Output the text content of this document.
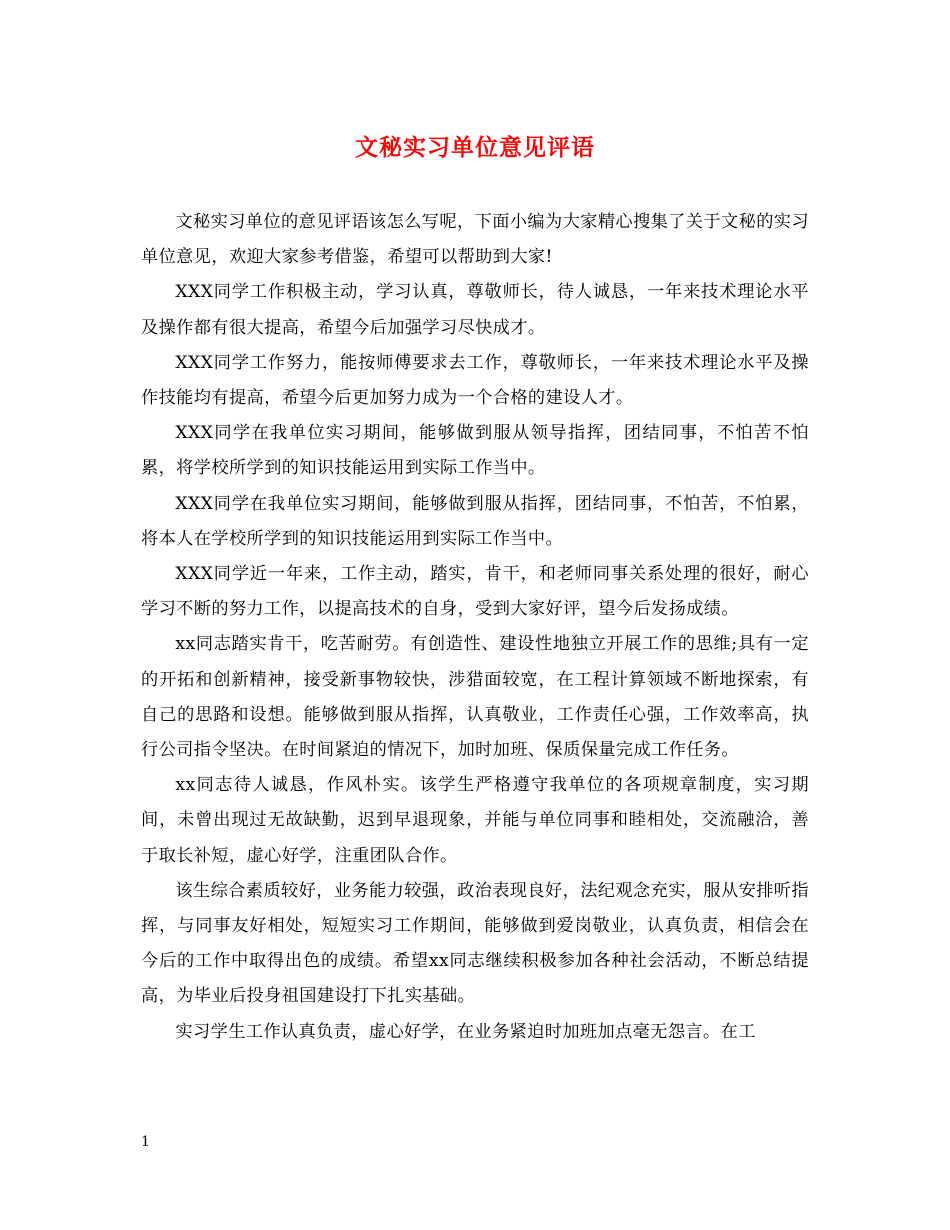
文秘实习单位意见评语

文秘实习单位的意见评语该怎么写呢，下面小编为大家精心搜集了关于文秘的实习单位意见，欢迎大家参考借鉴，希望可以帮助到大家!

XXX同学工作积极主动，学习认真，尊敬师长，待人诚恳，一年来技术理论水平及操作都有很大提高，希望今后加强学习尽快成才。

XXX同学工作努力，能按师傅要求去工作，尊敬师长，一年来技术理论水平及操作技能均有提高，希望今后更加努力成为一个合格的建设人才。

XXX同学在我单位实习期间，能够做到服从领导指挥，团结同事，不怕苦不怕累，将学校所学到的知识技能运用到实际工作当中。

XXX同学在我单位实习期间，能够做到服从指挥，团结同事，不怕苦，不怕累，将本人在学校所学到的知识技能运用到实际工作当中。

XXX同学近一年来，工作主动，踏实，肯干，和老师同事关系处理的很好，耐心学习不断的努力工作，以提高技术的自身，受到大家好评，望今后发扬成绩。

xx同志踏实肯干，吃苦耐劳。有创造性、建设性地独立开展工作的思维;具有一定的开拓和创新精神，接受新事物较快，涉猎面较宽，在工程计算领域不断地探索，有自己的思路和设想。能够做到服从指挥，认真敬业，工作责任心强，工作效率高，执行公司指令坚决。在时间紧迫的情况下，加时加班、保质保量完成工作任务。

xx同志待人诚恳，作风朴实。该学生严格遵守我单位的各项规章制度，实习期间，未曾出现过无故缺勤，迟到早退现象，并能与单位同事和睦相处，交流融洽，善于取长补短，虚心好学，注重团队合作。

该生综合素质较好，业务能力较强，政治表现良好，法纪观念充实，服从安排听指挥，与同事友好相处，短短实习工作期间，能够做到爱岗敬业，认真负责，相信会在今后的工作中取得出色的成绩。希望xx同志继续积极参加各种社会活动，不断总结提高，为毕业后投身祖国建设打下扎实基础。

实习学生工作认真负责，虚心好学，在业务紧迫时加班加点毫无怨言。在工

1
